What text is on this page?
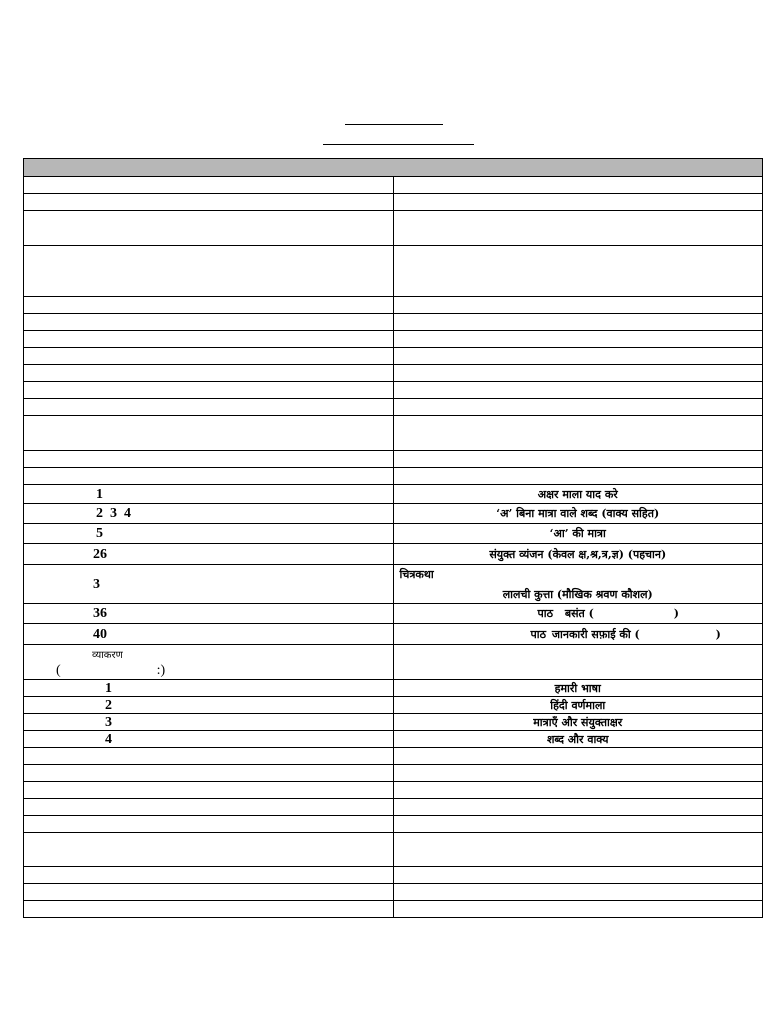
1	अक्षर माला याद करे
2  3  4	‘अ’ बिना मात्रा वाले शब्द (वाक्य सहित)
5	‘आ’ की मात्रा
26	संयुक्त व्यंजन (केवल क्ष,श्र,त्र,ज्ञ) (पहचान)
3	चित्रकथा
लालची कुत्ता (मौखिक श्रवण कौशल)

36	पाठ बसंत ( )
40	पाठ जानकारी सफ़ाई की ( )

व्याकरण
( :)	

1	हमारी भाषा
2	हिंदी वर्णमाला
3	मात्राएँ और संयुक्ताक्षर
4	शब्द और वाक्य
